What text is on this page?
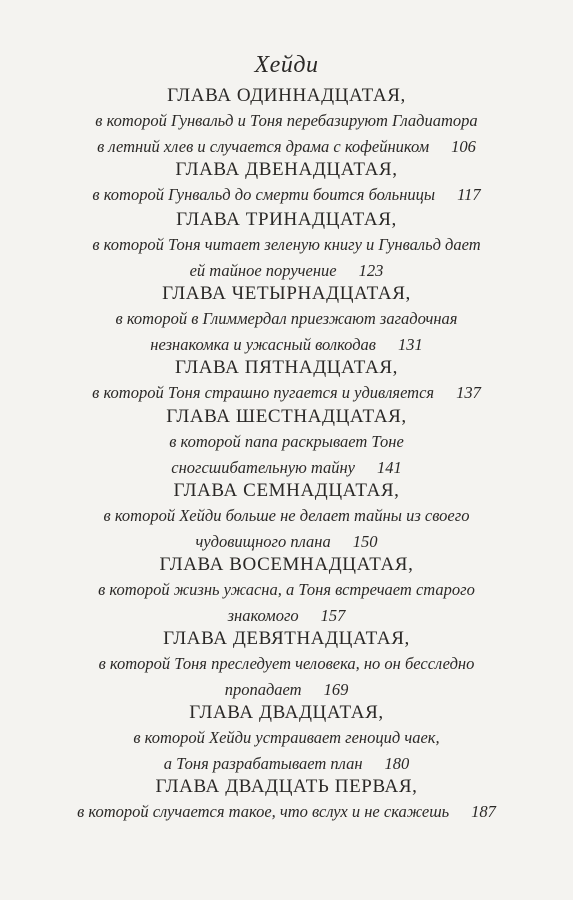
Хейди
ГЛАВА ОДИННАДЦАТАЯ,
в которой Гунвальд и Тоня перебазируют Гладиатора
в летний хлев и случается драма с кофейником 106
ГЛАВА ДВЕНАДЦАТАЯ,
в которой Гунвальд до смерти боится больницы 117
ГЛАВА ТРИНАДЦАТАЯ,
в которой Тоня читает зеленую книгу и Гунвальд дает
ей тайное поручение 123
ГЛАВА ЧЕТЫРНАДЦАТАЯ,
в которой в Глиммердал приезжают загадочная
незнакомка и ужасный волкодав 131
ГЛАВА ПЯТНАДЦАТАЯ,
в которой Тоня страшно пугается и удивляется 137
ГЛАВА ШЕСТНАДЦАТАЯ,
в которой папа раскрывает Тоне
сногсшибательную тайну 141
ГЛАВА СЕМНАДЦАТАЯ,
в которой Хейди больше не делает тайны из своего
чудовищного плана 150
ГЛАВА ВОСЕМНАДЦАТАЯ,
в которой жизнь ужасна, а Тоня встречает старого
знакомого 157
ГЛАВА ДЕВЯТНАДЦАТАЯ,
в которой Тоня преследует человека, но он бесследно
пропадает 169
ГЛАВА ДВАДЦАТАЯ,
в которой Хейди устраивает геноцид чаек,
а Тоня разрабатывает план 180
ГЛАВА ДВАДЦАТЬ ПЕРВАЯ,
в которой случается такое, что вслух и не скажешь 187
